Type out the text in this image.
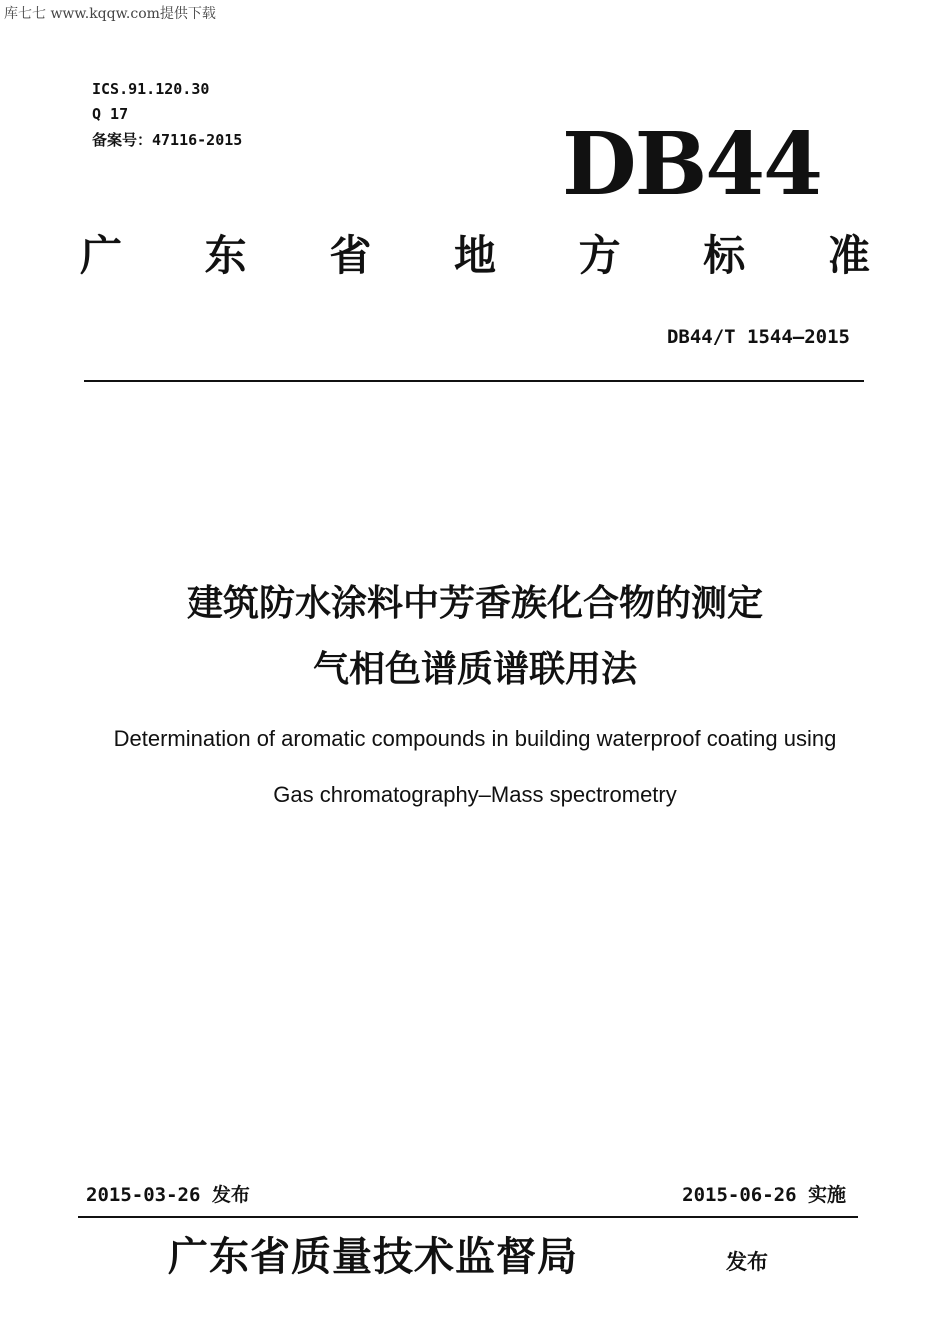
库七七 www.kqqw.com提供下载
ICS.91.120.30
Q 17
备案号：47116-2015	DB44
广 东 省 地 方 标 准
DB44/T 1544—2015
建筑防水涂料中芳香族化合物的测定
气相色谱质谱联用法
Determination of aromatic compounds in building waterproof coating using
Gas chromatography–Mass spectrometry
2015-03-26 发布	2015-06-26 实施
广东省质量技术监督局	发布
